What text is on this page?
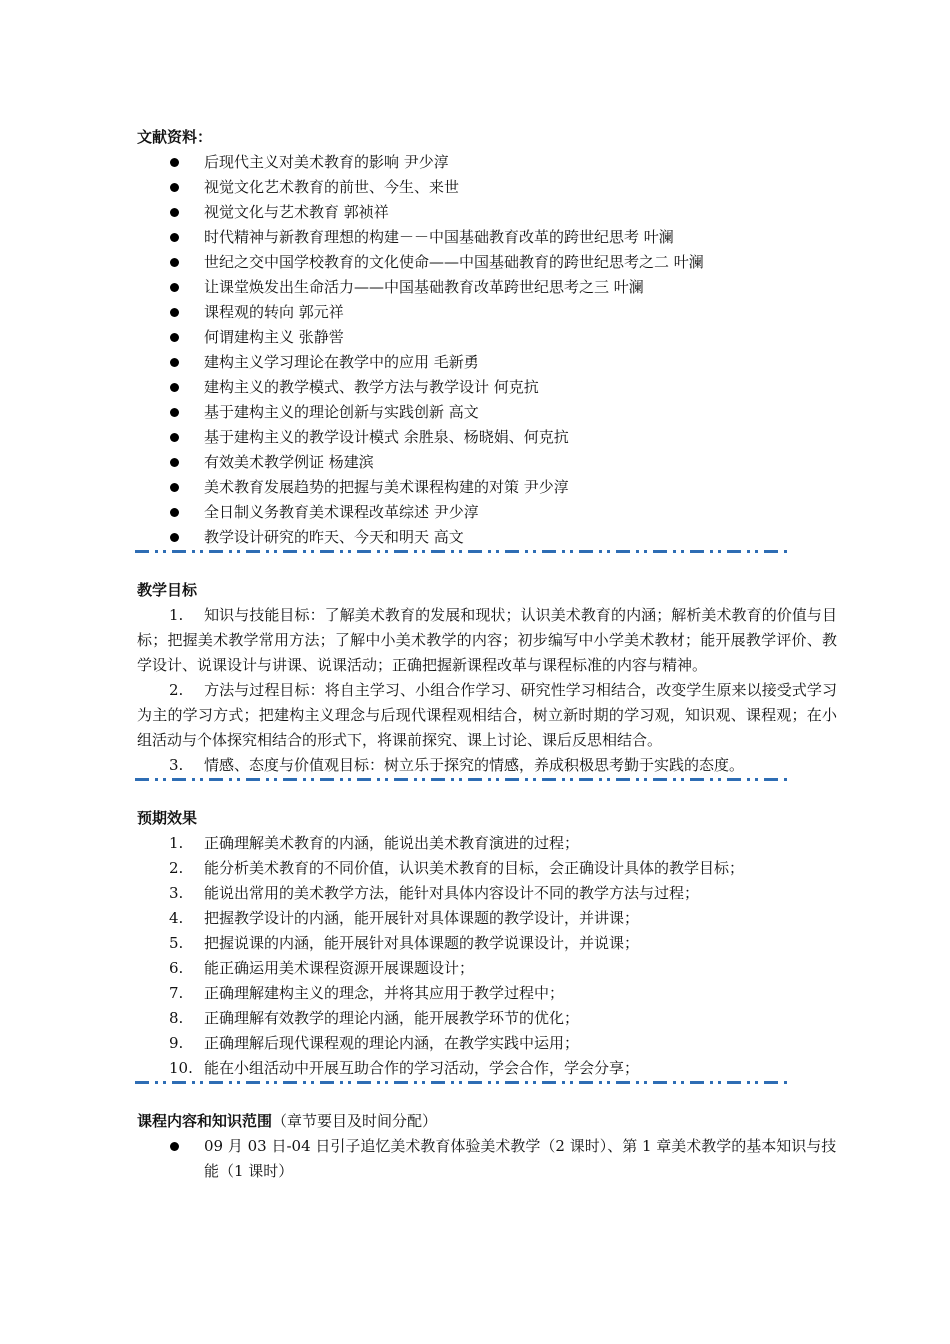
文献资料：
后现代主义对美术教育的影响 尹少淳
视觉文化艺术教育的前世、今生、来世
视觉文化与艺术教育 郭祯祥
时代精神与新教育理想的构建－－中国基础教育改革的跨世纪思考 叶澜
世纪之交中国学校教育的文化使命——中国基础教育的跨世纪思考之二 叶澜
让课堂焕发出生命活力——中国基础教育改革跨世纪思考之三 叶澜
课程观的转向 郭元祥
何谓建构主义 张静喾
建构主义学习理论在教学中的应用 毛新勇
建构主义的教学模式、教学方法与教学设计 何克抗
基于建构主义的理论创新与实践创新 高文
基于建构主义的教学设计模式 余胜泉、杨晓娟、何克抗
有效美术教学例证 杨建滨
美术教育发展趋势的把握与美术课程构建的对策 尹少淳
全日制义务教育美术课程改革综述 尹少淳
教学设计研究的昨天、今天和明天 高文
教学目标

1. 知识与技能目标：了解美术教育的发展和现状；认识美术教育的内涵；解析美术教育的价值与目标；把握美术教学常用方法；了解中小美术教学的内容；初步编写中小学美术教材；能开展教学评价、教学设计、说课设计与讲课、说课活动；正确把握新课程改革与课程标准的内容与精神。

2. 方法与过程目标：将自主学习、小组合作学习、研究性学习相结合，改变学生原来以接受式学习为主的学习方式；把建构主义理念与后现代课程观相结合，树立新时期的学习观，知识观、课程观；在小组活动与个体探究相结合的形式下，将课前探究、课上讨论、课后反思相结合。

3. 情感、态度与价值观目标：树立乐于探究的情感，养成积极思考勤于实践的态度。

预期效果
1. 正确理解美术教育的内涵，能说出美术教育演进的过程；
2. 能分析美术教育的不同价值，认识美术教育的目标，会正确设计具体的教学目标；
3. 能说出常用的美术教学方法，能针对具体内容设计不同的教学方法与过程；
4. 把握教学设计的内涵，能开展针对具体课题的教学设计，并讲课；
5. 把握说课的内涵，能开展针对具体课题的教学说课设计，并说课；
6. 能正确运用美术课程资源开展课题设计；
7. 正确理解建构主义的理念，并将其应用于教学过程中；
8. 正确理解有效教学的理论内涵，能开展教学环节的优化；
9. 正确理解后现代课程观的理论内涵，在教学实践中运用；
10. 能在小组活动中开展互助合作的学习活动，学会合作，学会分享；
课程内容和知识范围（章节要目及时间分配）
09 月 03 日-04 日引子追忆美术教育体验美术教学（2 课时）、第 1 章美术教学的基本知识与技能（1 课时）
